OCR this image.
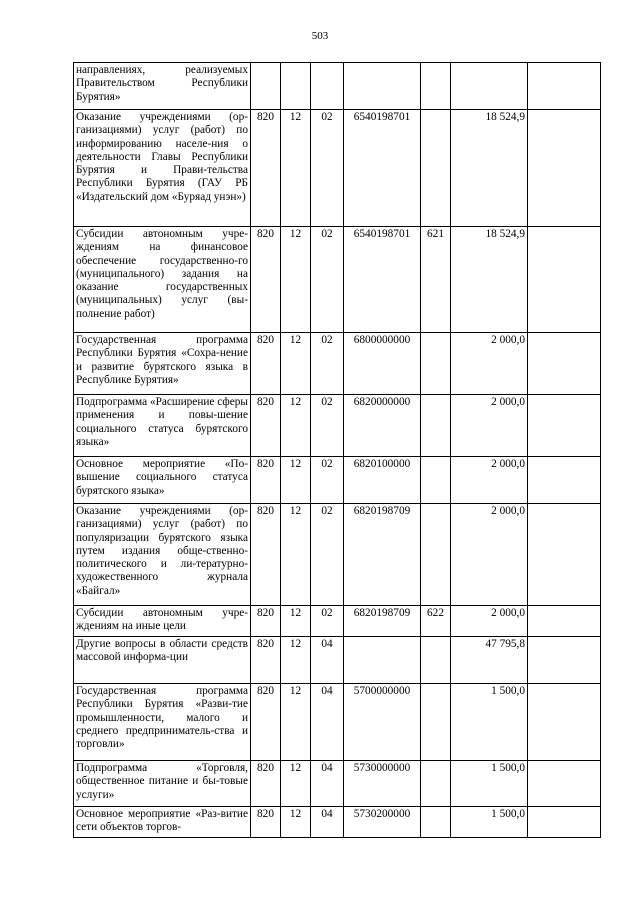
503
направлениях, реализуемых Правительством Республики Бурятия»							
Оказание учреждениями (ор-ганизациями) услуг (работ) по информированию населе-ния о деятельности Главы Республики Бурятия и Прави-тельства Республики Бурятия (ГАУ РБ «Издательский дом «Буряад унэн»)	820	12	02	6540198701		18 524,9	
Субсидии автономным учре-ждениям на финансовое обеспечение государственно-го (муниципального) задания на оказание государственных (муниципальных) услуг (вы-полнение работ)	820	12	02	6540198701	621	18 524,9	
Государственная программа Республики Бурятия «Сохра-нение и развитие бурятского языка в Республике Бурятия»	820	12	02	6800000000		2 000,0	
Подпрограмма «Расширение сферы применения и повы-шение социального статуса бурятского языка»	820	12	02	6820000000		2 000,0	
Основное мероприятие «По-вышение социального статуса бурятского языка»	820	12	02	6820100000		2 000,0	
Оказание учреждениями (ор-ганизациями) услуг (работ) по популяризации бурятского языка путем издания обще-ственно-политического и ли-тературно-художественного журнала «Байгал»	820	12	02	6820198709		2 000,0	
Субсидии автономным учре-ждениям на иные цели	820	12	02	6820198709	622	2 000,0	
Другие вопросы в области средств массовой информа-ции	820	12	04			47 795,8	
Государственная программа Республики Бурятия «Разви-тие промышленности, малого и среднего предприниматель-ства и торговли»	820	12	04	5700000000		1 500,0	
Подпрограмма «Торговля, общественное питание и бы-товые услуги»	820	12	04	5730000000		1 500,0	
Основное мероприятие «Раз-витие сети объектов торгов-	820	12	04	5730200000		1 500,0	
